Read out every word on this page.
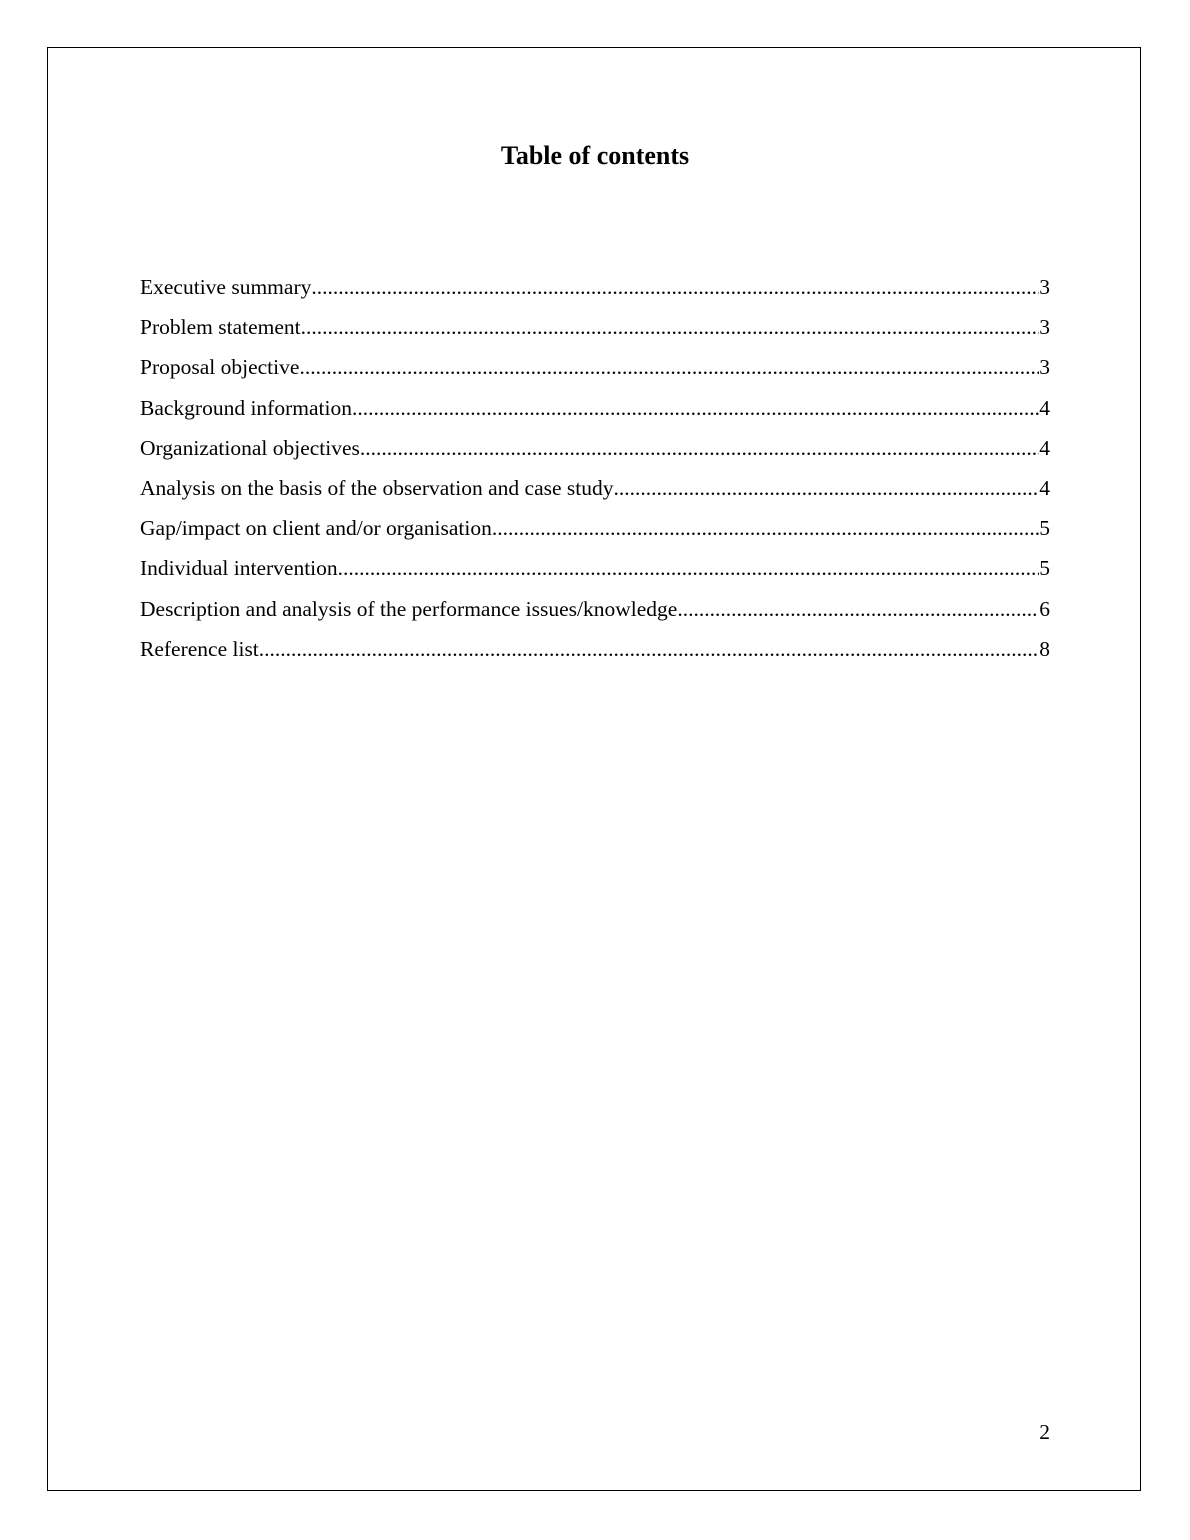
Table of contents
Executive summary .....	3
Problem statement .....	3
Proposal objective .....	3
Background information .....	4
Organizational objectives .....	4
Analysis on the basis of the observation and case study .....	4
Gap/impact on client and/or organisation .....	5
Individual intervention .....	5
Description and analysis of the performance issues/knowledge .....	6
Reference list .....	8
2
